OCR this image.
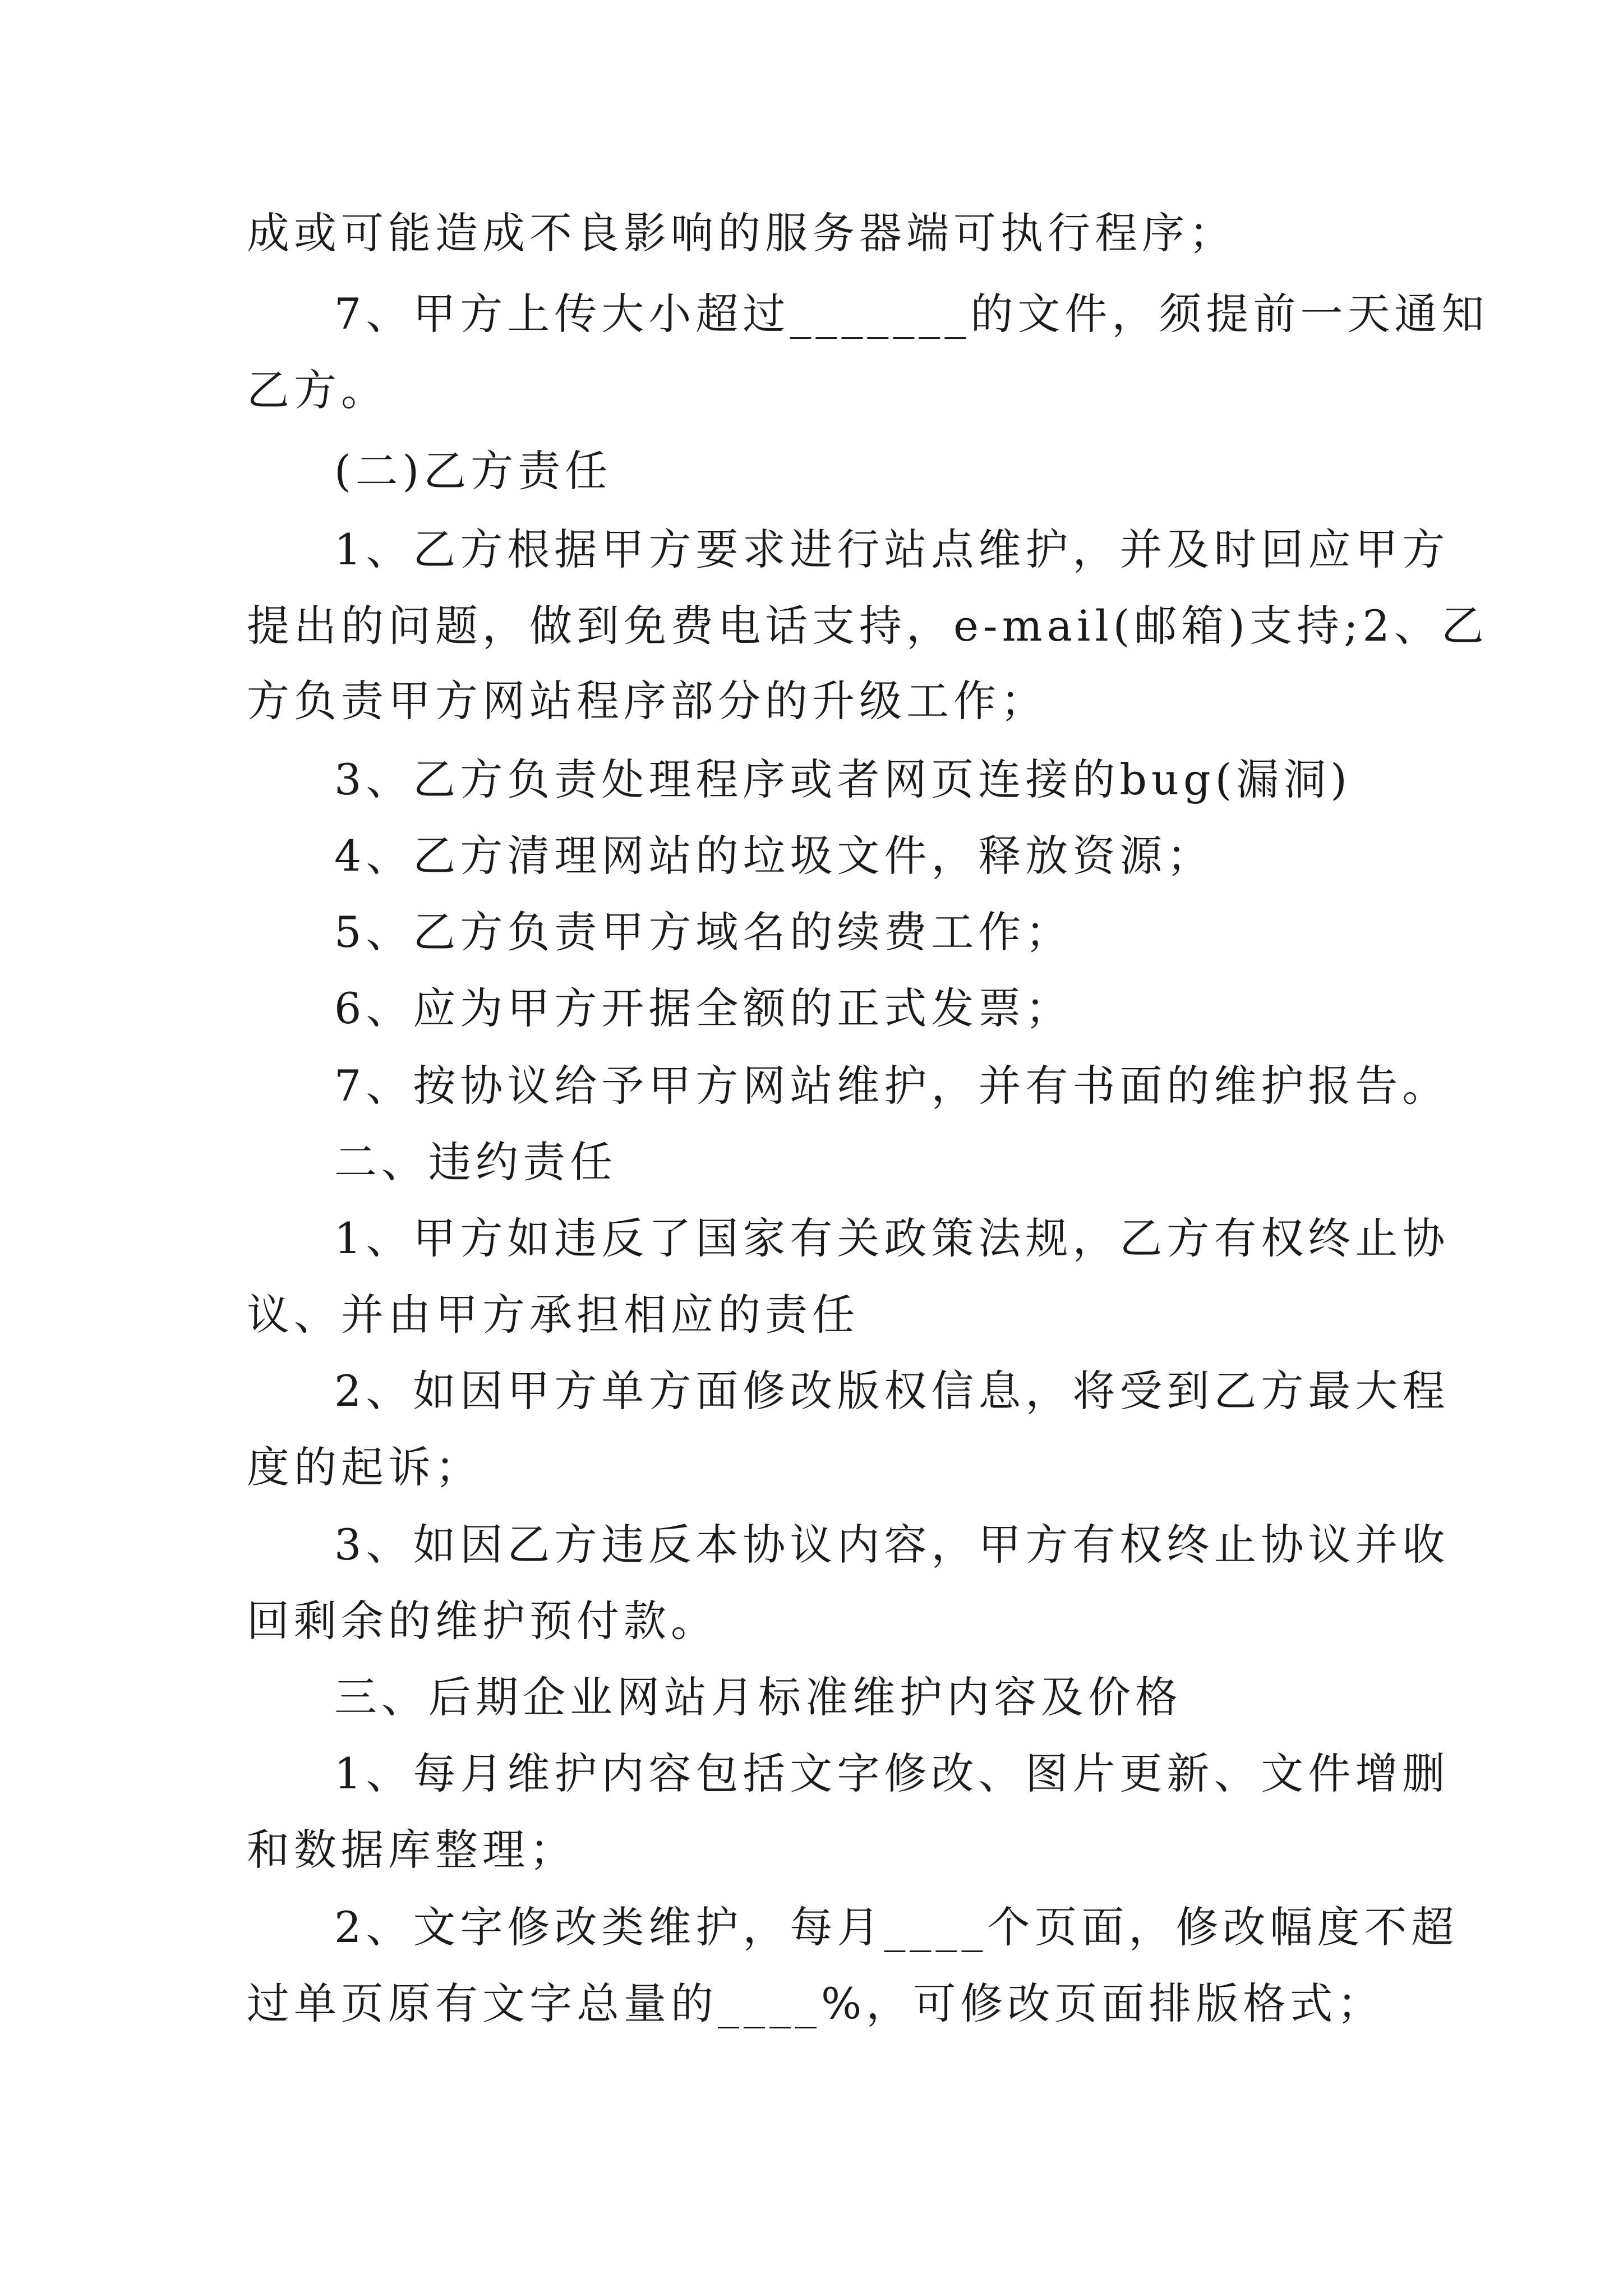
成或可能造成不良影响的服务器端可执行程序；
7、甲方上传大小超过_______的文件，须提前一天通知
乙方。
(二)乙方责任
1、乙方根据甲方要求进行站点维护，并及时回应甲方
提出的问题，做到免费电话支持，e-mail(邮箱)支持;2、乙
方负责甲方网站程序部分的升级工作；
3、乙方负责处理程序或者网页连接的bug(漏洞)
4、乙方清理网站的垃圾文件，释放资源；
5、乙方负责甲方域名的续费工作；
6、应为甲方开据全额的正式发票；
7、按协议给予甲方网站维护，并有书面的维护报告。
二、违约责任
1、甲方如违反了国家有关政策法规，乙方有权终止协
议、并由甲方承担相应的责任
2、如因甲方单方面修改版权信息，将受到乙方最大程
度的起诉；
3、如因乙方违反本协议内容，甲方有权终止协议并收
回剩余的维护预付款。
三、后期企业网站月标准维护内容及价格
1、每月维护内容包括文字修改、图片更新、文件增删
和数据库整理；
2、文字修改类维护，每月____个页面，修改幅度不超
过单页原有文字总量的____%，可修改页面排版格式；
